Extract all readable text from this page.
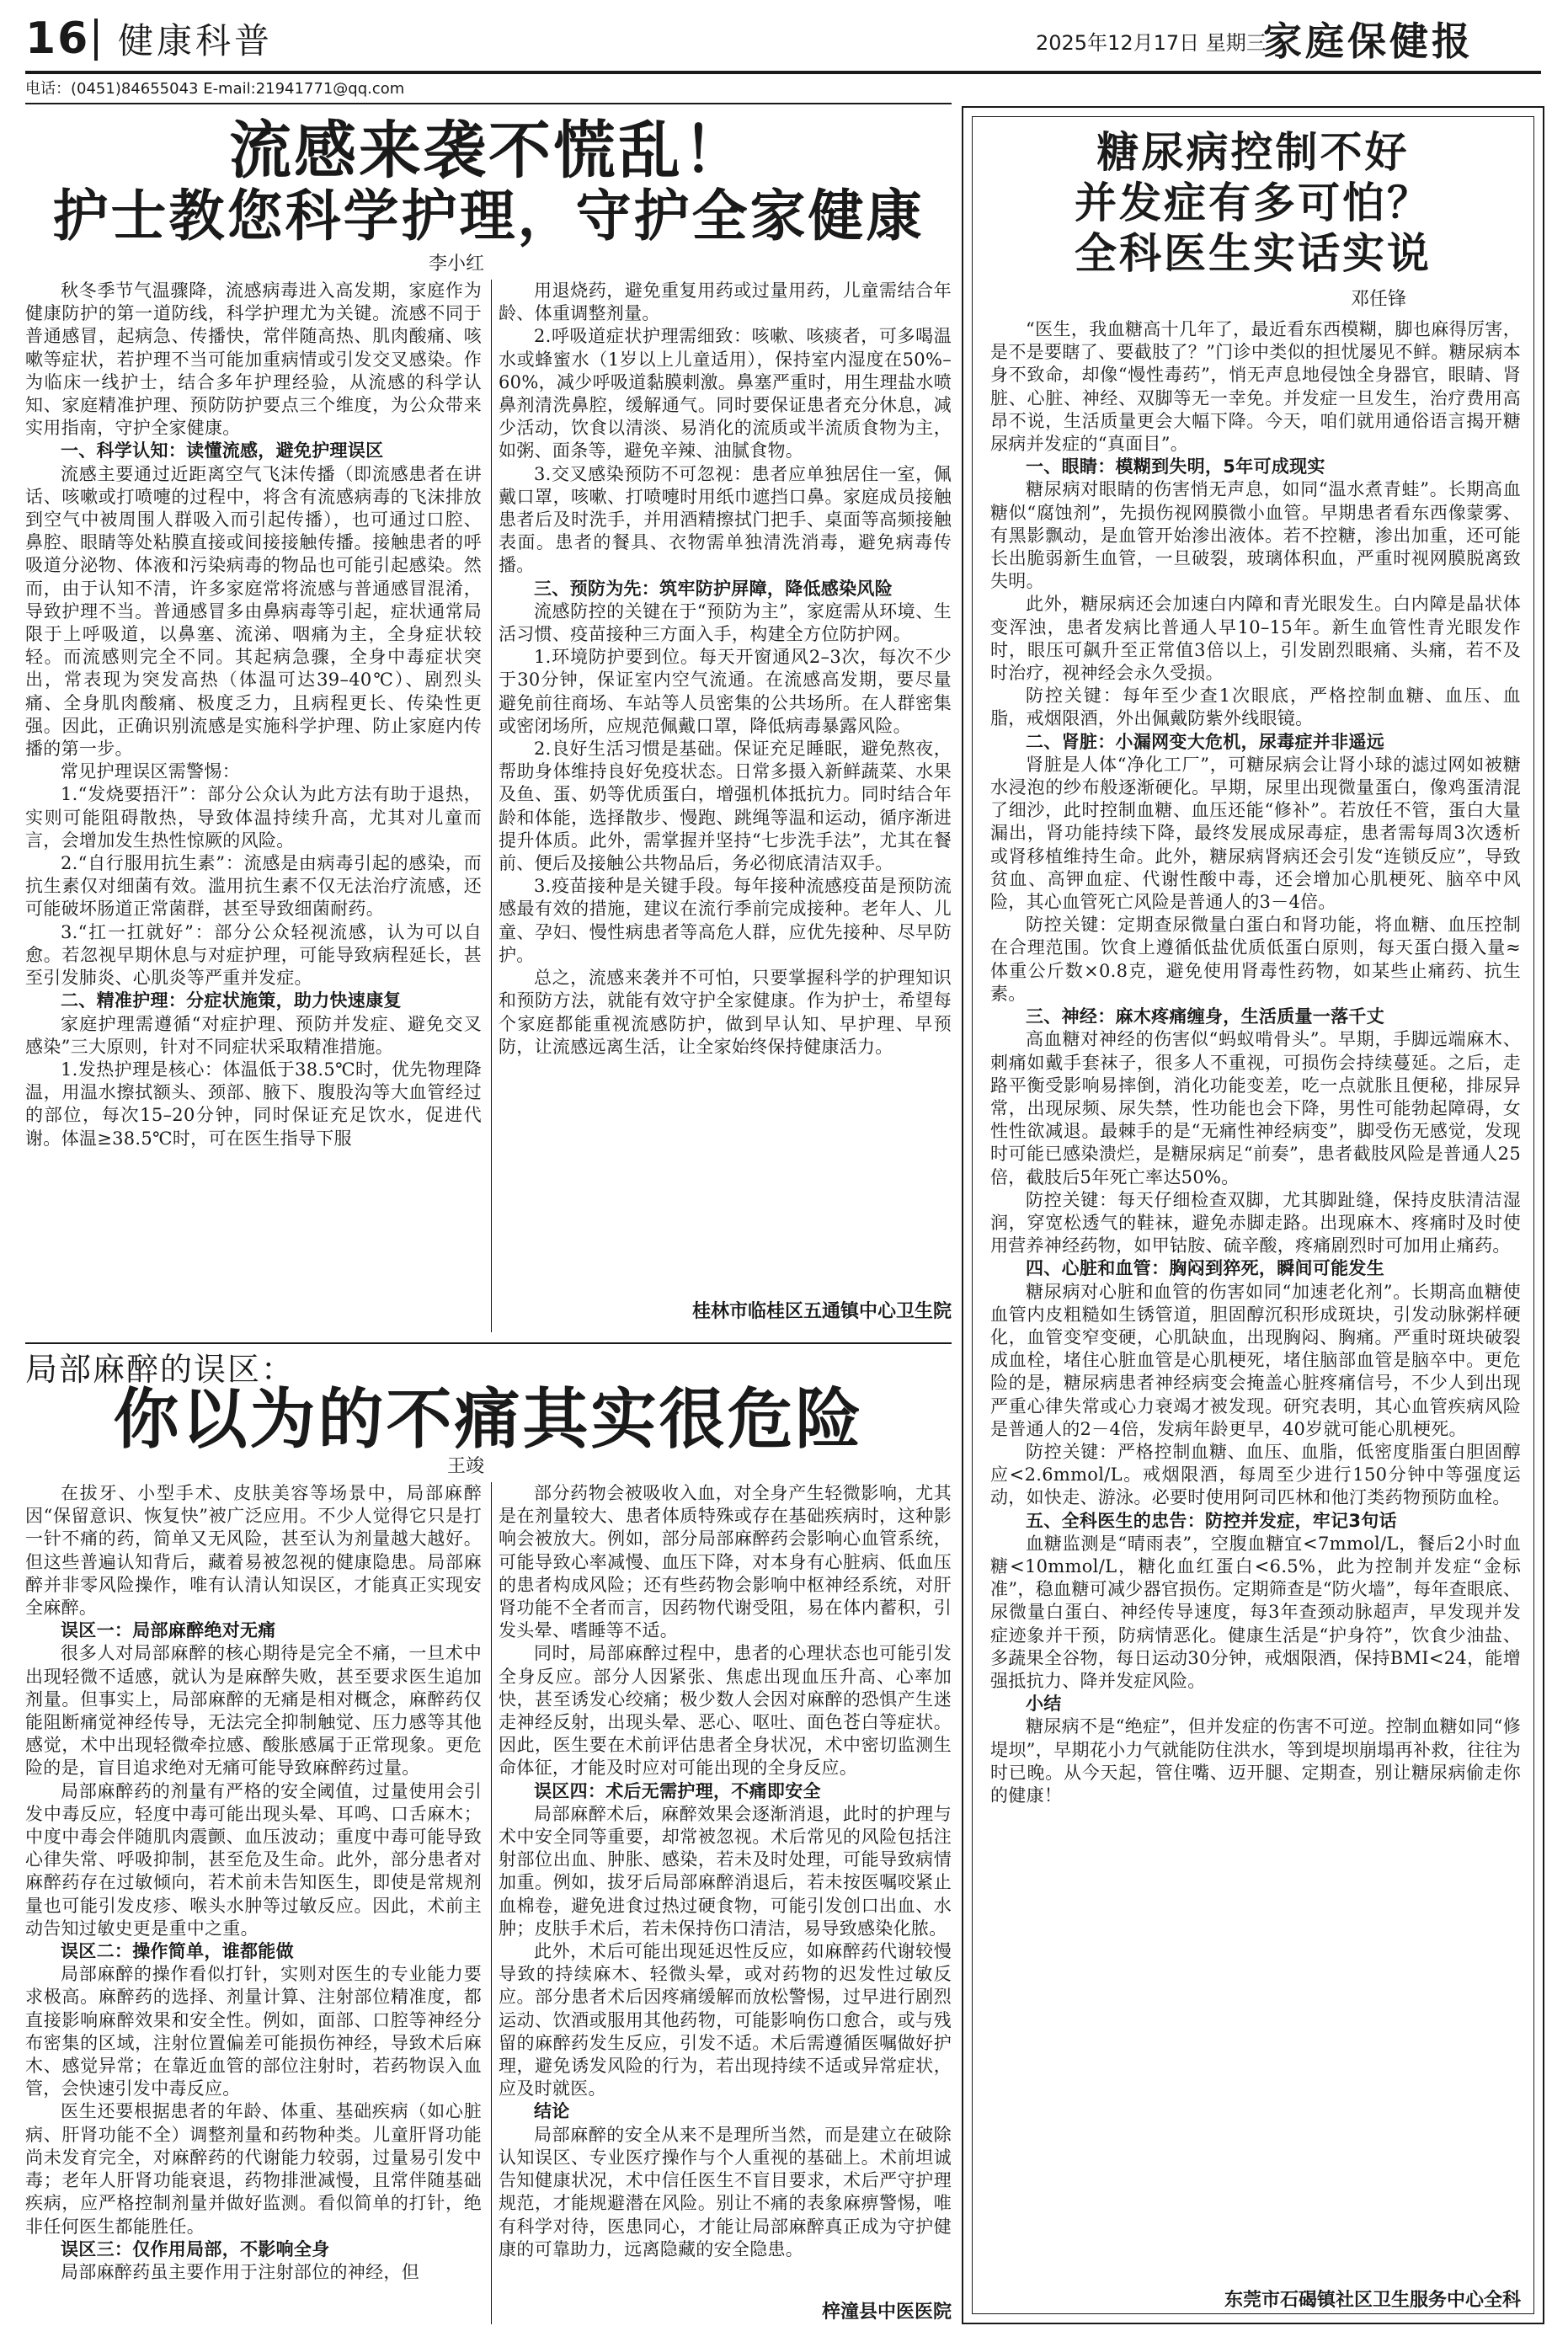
16 健康科普	2025年12月17日 星期三
家庭保健报
电话：(0451)84655043 E-mail:21941771@qq.com
流感来袭不慌乱！
护士教您科学护理，守护全家健康
李小红

秋冬季节气温骤降，流感病毒进入高发期，家庭作为健康防护的第一道防线，科学护理尤为关键。流感不同于普通感冒，起病急、传播快，常伴随高热、肌肉酸痛、咳嗽等症状，若护理不当可能加重病情或引发交叉感染。作为临床一线护士，结合多年护理经验，从流感的科学认知、家庭精准护理、预防防护要点三个维度，为公众带来实用指南，守护全家健康。

一、科学认知：读懂流感，避免护理误区

流感主要通过近距离空气飞沫传播（即流感患者在讲话、咳嗽或打喷嚏的过程中，将含有流感病毒的飞沫排放到空气中被周围人群吸入而引起传播），也可通过口腔、鼻腔、眼睛等处粘膜直接或间接接触传播。接触患者的呼吸道分泌物、体液和污染病毒的物品也可能引起感染。然而，由于认知不清，许多家庭常将流感与普通感冒混淆，导致护理不当。普通感冒多由鼻病毒等引起，症状通常局限于上呼吸道，以鼻塞、流涕、咽痛为主，全身症状较轻。而流感则完全不同。其起病急骤，全身中毒症状突出，常表现为突发高热（体温可达39–40℃）、剧烈头痛、全身肌肉酸痛、极度乏力，且病程更长、传染性更强。因此，正确识别流感是实施科学护理、防止家庭内传播的第一步。

常见护理误区需警惕：

1.“发烧要捂汗”：部分公众认为此方法有助于退热，实则可能阻碍散热，导致体温持续升高，尤其对儿童而言，会增加发生热性惊厥的风险。

2.“自行服用抗生素”：流感是由病毒引起的感染，而抗生素仅对细菌有效。滥用抗生素不仅无法治疗流感，还可能破坏肠道正常菌群，甚至导致细菌耐药。

3.“扛一扛就好”：部分公众轻视流感，认为可以自愈。若忽视早期休息与对症护理，可能导致病程延长，甚至引发肺炎、心肌炎等严重并发症。

二、精准护理：分症状施策，助力快速康复

家庭护理需遵循“对症护理、预防并发症、避免交叉感染”三大原则，针对不同症状采取精准措施。

1.发热护理是核心：体温低于38.5℃时，优先物理降温，用温水擦拭额头、颈部、腋下、腹股沟等大血管经过的部位，每次15–20分钟，同时保证充足饮水，促进代谢。体温≥38.5℃时，可在医生指导下服

用退烧药，避免重复用药或过量用药，儿童需结合年龄、体重调整剂量。

2.呼吸道症状护理需细致：咳嗽、咳痰者，可多喝温水或蜂蜜水（1岁以上儿童适用），保持室内湿度在50%–60%，减少呼吸道黏膜刺激。鼻塞严重时，用生理盐水喷鼻剂清洗鼻腔，缓解通气。同时要保证患者充分休息，减少活动，饮食以清淡、易消化的流质或半流质食物为主，如粥、面条等，避免辛辣、油腻食物。

3.交叉感染预防不可忽视：患者应单独居住一室，佩戴口罩，咳嗽、打喷嚏时用纸巾遮挡口鼻。家庭成员接触患者后及时洗手，并用酒精擦拭门把手、桌面等高频接触表面。患者的餐具、衣物需单独清洗消毒，避免病毒传播。

三、预防为先：筑牢防护屏障，降低感染风险

流感防控的关键在于“预防为主”，家庭需从环境、生活习惯、疫苗接种三方面入手，构建全方位防护网。

1.环境防护要到位。每天开窗通风2–3次，每次不少于30分钟，保证室内空气流通。在流感高发期，要尽量避免前往商场、车站等人员密集的公共场所。在人群密集或密闭场所，应规范佩戴口罩，降低病毒暴露风险。

2.良好生活习惯是基础。保证充足睡眠，避免熬夜，帮助身体维持良好免疫状态。日常多摄入新鲜蔬菜、水果及鱼、蛋、奶等优质蛋白，增强机体抵抗力。同时结合年龄和体能，选择散步、慢跑、跳绳等温和运动，循序渐进提升体质。此外，需掌握并坚持“七步洗手法”，尤其在餐前、便后及接触公共物品后，务必彻底清洁双手。

3.疫苗接种是关键手段。每年接种流感疫苗是预防流感最有效的措施，建议在流行季前完成接种。老年人、儿童、孕妇、慢性病患者等高危人群，应优先接种、尽早防护。

总之，流感来袭并不可怕，只要掌握科学的护理知识和预防方法，就能有效守护全家健康。作为护士，希望每个家庭都能重视流感防护，做到早认知、早护理、早预防，让流感远离生活，让全家始终保持健康活力。

桂林市临桂区五通镇中心卫生院
局部麻醉的误区：
你以为的不痛其实很危险
王竣

在拔牙、小型手术、皮肤美容等场景中，局部麻醉因“保留意识、恢复快”被广泛应用。不少人觉得它只是打一针不痛的药，简单又无风险，甚至认为剂量越大越好。但这些普遍认知背后，藏着易被忽视的健康隐患。局部麻醉并非零风险操作，唯有认清认知误区，才能真正实现安全麻醉。

误区一：局部麻醉绝对无痛

很多人对局部麻醉的核心期待是完全不痛，一旦术中出现轻微不适感，就认为是麻醉失败，甚至要求医生追加剂量。但事实上，局部麻醉的无痛是相对概念，麻醉药仅能阻断痛觉神经传导，无法完全抑制触觉、压力感等其他感觉，术中出现轻微牵拉感、酸胀感属于正常现象。更危险的是，盲目追求绝对无痛可能导致麻醉药过量。

局部麻醉药的剂量有严格的安全阈值，过量使用会引发中毒反应，轻度中毒可能出现头晕、耳鸣、口舌麻木；中度中毒会伴随肌肉震颤、血压波动；重度中毒可能导致心律失常、呼吸抑制，甚至危及生命。此外，部分患者对麻醉药存在过敏倾向，若术前未告知医生，即使是常规剂量也可能引发皮疹、喉头水肿等过敏反应。因此，术前主动告知过敏史更是重中之重。

误区二：操作简单，谁都能做

局部麻醉的操作看似打针，实则对医生的专业能力要求极高。麻醉药的选择、剂量计算、注射部位精准度，都直接影响麻醉效果和安全性。例如，面部、口腔等神经分布密集的区域，注射位置偏差可能损伤神经，导致术后麻木、感觉异常；在靠近血管的部位注射时，若药物误入血管，会快速引发中毒反应。

医生还要根据患者的年龄、体重、基础疾病（如心脏病、肝肾功能不全）调整剂量和药物种类。儿童肝肾功能尚未发育完全，对麻醉药的代谢能力较弱，过量易引发中毒；老年人肝肾功能衰退，药物排泄减慢，且常伴随基础疾病，应严格控制剂量并做好监测。看似简单的打针，绝非任何医生都能胜任。

误区三：仅作用局部，不影响全身

局部麻醉药虽主要作用于注射部位的神经，但

部分药物会被吸收入血，对全身产生轻微影响，尤其是在剂量较大、患者体质特殊或存在基础疾病时，这种影响会被放大。例如，部分局部麻醉药会影响心血管系统，可能导致心率减慢、血压下降，对本身有心脏病、低血压的患者构成风险；还有些药物会影响中枢神经系统，对肝肾功能不全者而言，因药物代谢受阻，易在体内蓄积，引发头晕、嗜睡等不适。

同时，局部麻醉过程中，患者的心理状态也可能引发全身反应。部分人因紧张、焦虑出现血压升高、心率加快，甚至诱发心绞痛；极少数人会因对麻醉的恐惧产生迷走神经反射，出现头晕、恶心、呕吐、面色苍白等症状。因此，医生要在术前评估患者全身状况，术中密切监测生命体征，才能及时应对可能出现的全身反应。

误区四：术后无需护理，不痛即安全

局部麻醉术后，麻醉效果会逐渐消退，此时的护理与术中安全同等重要，却常被忽视。术后常见的风险包括注射部位出血、肿胀、感染，若未及时处理，可能导致病情加重。例如，拔牙后局部麻醉消退后，若未按医嘱咬紧止血棉卷，避免进食过热过硬食物，可能引发创口出血、水肿；皮肤手术后，若未保持伤口清洁，易导致感染化脓。

此外，术后可能出现延迟性反应，如麻醉药代谢较慢导致的持续麻木、轻微头晕，或对药物的迟发性过敏反应。部分患者术后因疼痛缓解而放松警惕，过早进行剧烈运动、饮酒或服用其他药物，可能影响伤口愈合，或与残留的麻醉药发生反应，引发不适。术后需遵循医嘱做好护理，避免诱发风险的行为，若出现持续不适或异常症状，应及时就医。

结论

局部麻醉的安全从来不是理所当然，而是建立在破除认知误区、专业医疗操作与个人重视的基础上。术前坦诚告知健康状况，术中信任医生不盲目要求，术后严守护理规范，才能规避潜在风险。别让不痛的表象麻痹警惕，唯有科学对待，医患同心，才能让局部麻醉真正成为守护健康的可靠助力，远离隐藏的安全隐患。

梓潼县中医医院
糖尿病控制不好
并发症有多可怕？
全科医生实话实说
邓任锋

“医生，我血糖高十几年了，最近看东西模糊，脚也麻得厉害，是不是要瞎了、要截肢了？”门诊中类似的担忧屡见不鲜。糖尿病本身不致命，却像“慢性毒药”，悄无声息地侵蚀全身器官，眼睛、肾脏、心脏、神经、双脚等无一幸免。并发症一旦发生，治疗费用高昂不说，生活质量更会大幅下降。今天，咱们就用通俗语言揭开糖尿病并发症的“真面目”。

一、眼睛：模糊到失明，5年可成现实

糖尿病对眼睛的伤害悄无声息，如同“温水煮青蛙”。长期高血糖似“腐蚀剂”，先损伤视网膜微小血管。早期患者看东西像蒙雾、有黑影飘动，是血管开始渗出液体。若不控糖，渗出加重，还可能长出脆弱新生血管，一旦破裂，玻璃体积血，严重时视网膜脱离致失明。

此外，糖尿病还会加速白内障和青光眼发生。白内障是晶状体变浑浊，患者发病比普通人早10–15年。新生血管性青光眼发作时，眼压可飙升至正常值3倍以上，引发剧烈眼痛、头痛，若不及时治疗，视神经会永久受损。

防控关键：每年至少查1次眼底，严格控制血糖、血压、血脂，戒烟限酒，外出佩戴防紫外线眼镜。

二、肾脏：小漏网变大危机，尿毒症并非遥远

肾脏是人体“净化工厂”，可糖尿病会让肾小球的滤过网如被糖水浸泡的纱布般逐渐硬化。早期，尿里出现微量蛋白，像鸡蛋清混了细沙，此时控制血糖、血压还能“修补”。若放任不管，蛋白大量漏出，肾功能持续下降，最终发展成尿毒症，患者需每周3次透析或肾移植维持生命。此外，糖尿病肾病还会引发“连锁反应”，导致贫血、高钾血症、代谢性酸中毒，还会增加心肌梗死、脑卒中风险，其心血管死亡风险是普通人的3－4倍。

防控关键：定期查尿微量白蛋白和肾功能，将血糖、血压控制在合理范围。饮食上遵循低盐优质低蛋白原则，每天蛋白摄入量≈体重公斤数×0.8克，避免使用肾毒性药物，如某些止痛药、抗生素。

三、神经：麻木疼痛缠身，生活质量一落千丈

高血糖对神经的伤害似“蚂蚁啃骨头”。早期，手脚远端麻木、刺痛如戴手套袜子，很多人不重视，可损伤会持续蔓延。之后，走路平衡受影响易摔倒，消化功能变差，吃一点就胀且便秘，排尿异常，出现尿频、尿失禁，性功能也会下降，男性可能勃起障碍，女性性欲减退。最棘手的是“无痛性神经病变”，脚受伤无感觉，发现时可能已感染溃烂，是糖尿病足“前奏”，患者截肢风险是普通人25倍，截肢后5年死亡率达50%。

防控关键：每天仔细检查双脚，尤其脚趾缝，保持皮肤清洁湿润，穿宽松透气的鞋袜，避免赤脚走路。出现麻木、疼痛时及时使用营养神经药物，如甲钴胺、硫辛酸，疼痛剧烈时可加用止痛药。

四、心脏和血管：胸闷到猝死，瞬间可能发生

糖尿病对心脏和血管的伤害如同“加速老化剂”。长期高血糖使血管内皮粗糙如生锈管道，胆固醇沉积形成斑块，引发动脉粥样硬化，血管变窄变硬，心肌缺血，出现胸闷、胸痛。严重时斑块破裂成血栓，堵住心脏血管是心肌梗死，堵住脑部血管是脑卒中。更危险的是，糖尿病患者神经病变会掩盖心脏疼痛信号，不少人到出现严重心律失常或心力衰竭才被发现。研究表明，其心血管疾病风险是普通人的2－4倍，发病年龄更早，40岁就可能心肌梗死。

防控关键：严格控制血糖、血压、血脂，低密度脂蛋白胆固醇应<2.6mmol/L。戒烟限酒，每周至少进行150分钟中等强度运动，如快走、游泳。必要时使用阿司匹林和他汀类药物预防血栓。

五、全科医生的忠告：防控并发症，牢记3句话

血糖监测是“晴雨表”，空腹血糖宜<7mmol/L，餐后2小时血糖<10mmol/L，糖化血红蛋白<6.5%，此为控制并发症“金标准”，稳血糖可减少器官损伤。定期筛查是“防火墙”，每年查眼底、尿微量白蛋白、神经传导速度，每3年查颈动脉超声，早发现并发症迹象并干预，防病情恶化。健康生活是“护身符”，饮食少油盐、多蔬果全谷物，每日运动30分钟，戒烟限酒，保持BMI<24，能增强抵抗力、降并发症风险。

小结

糖尿病不是“绝症”，但并发症的伤害不可逆。控制血糖如同“修堤坝”，早期花小力气就能防住洪水，等到堤坝崩塌再补救，往往为时已晚。从今天起，管住嘴、迈开腿、定期查，别让糖尿病偷走你的健康！

东莞市石碣镇社区卫生服务中心全科
